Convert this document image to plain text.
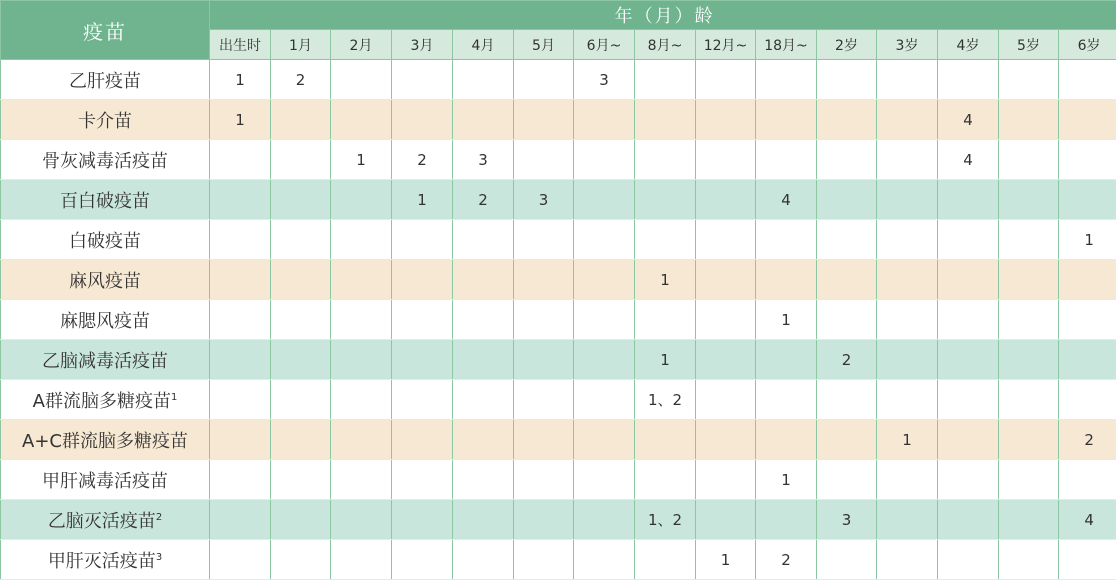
疫苗	年（月）龄														
	出生时	1月	2月	3月	4月	5月	6月~	8月~	12月~	18月~	2岁	3岁	4岁	5岁	6岁
乙肝疫苗	1	2					3								
卡介苗	1												4		
骨灰减毒活疫苗			1	2	3								4		
百白破疫苗				1	2	3				4					
白破疫苗															1
麻风疫苗								1							
麻腮风疫苗										1					
乙脑减毒活疫苗								1			2				
A群流脑多糖疫苗$^1$								1、2							
A+C群流脑多糖疫苗												1			2
甲肝减毒活疫苗										1					
乙脑灭活疫苗$^2$								1、2			3				4
甲肝灭活疫苗$^3$									1	2					
